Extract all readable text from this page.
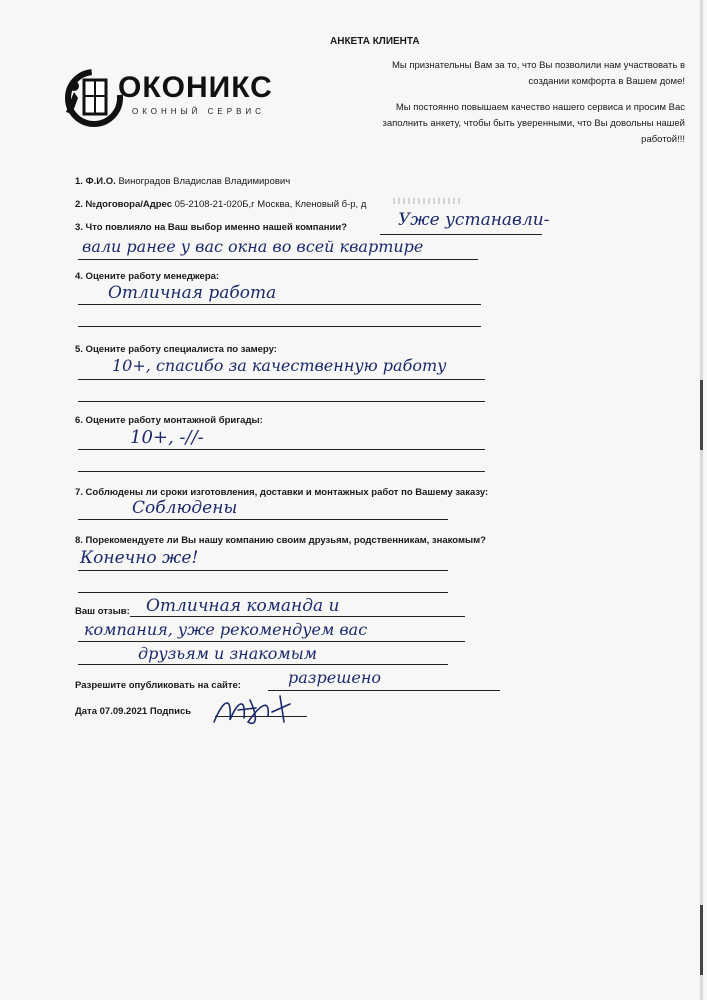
АНКЕТА КЛИЕНТА
Мы признательны Вам за то, что Вы позволили нам участвовать в создании комфорта в Вашем доме!
Мы постоянно повышаем качество нашего сервиса и просим Вас заполнить анкету, чтобы быть уверенными, что Вы довольны нашей работой!!!
ОКОНИКС
ОКОННЫЙ СЕРВИС
1. Ф.И.О. Виноградов Владислав Владимирович
2. №договора/Адрес 05-2108-21-020Б,г Москва, Кленовый б-р, д
3. Что повлияло на Ваш выбор именно нашей компании?	Уже устанавли-
вали ранее у вас окна во всей квартире
4. Оцените работу менеджера:
Отличная работа
5. Оцените работу специалиста по замеру:
10+, спасибо за качественную работу
6. Оцените работу монтажной бригады:
10+, -//-
7. Соблюдены ли сроки изготовления, доставки и монтажных работ по Вашему заказу:
Соблюдены
8. Порекомендуете ли Вы нашу компанию своим друзьям, родственникам, знакомым?
Конечно же!
Ваш отзыв: Отличная команда и
компания, уже рекомендуем вас
друзьям и знакомым
Разрешите опубликовать на сайте:	разрешено
Дата 07.09.2021 Подпись
